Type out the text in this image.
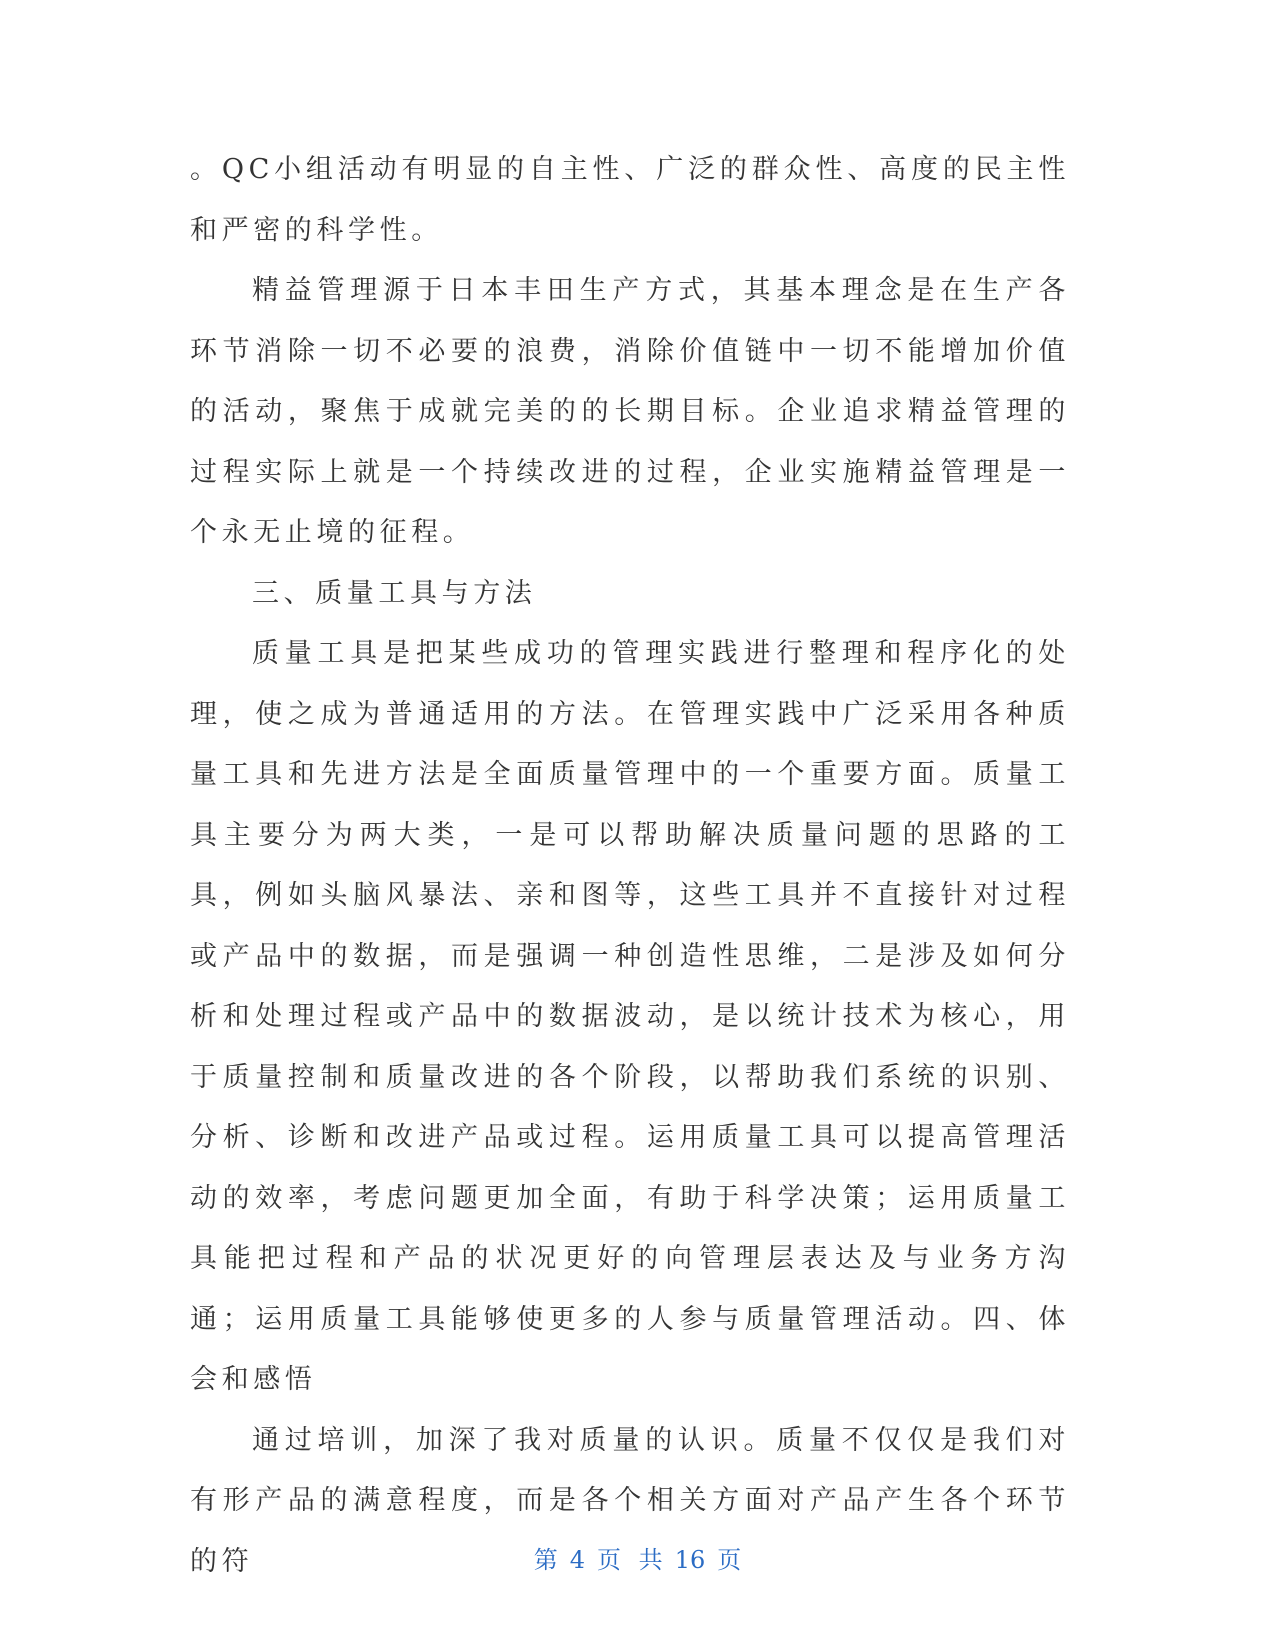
。QC小组活动有明显的自主性、广泛的群众性、高度的民主性和严密的科学性。

精益管理源于日本丰田生产方式，其基本理念是在生产各环节消除一切不必要的浪费，消除价值链中一切不能增加价值的活动，聚焦于成就完美的的长期目标。企业追求精益管理的过程实际上就是一个持续改进的过程，企业实施精益管理是一个永无止境的征程。

三、质量工具与方法

质量工具是把某些成功的管理实践进行整理和程序化的处理，使之成为普通适用的方法。在管理实践中广泛采用各种质量工具和先进方法是全面质量管理中的一个重要方面。质量工具主要分为两大类，一是可以帮助解决质量问题的思路的工具，例如头脑风暴法、亲和图等，这些工具并不直接针对过程或产品中的数据，而是强调一种创造性思维，二是涉及如何分析和处理过程或产品中的数据波动，是以统计技术为核心，用于质量控制和质量改进的各个阶段，以帮助我们系统的识别、分析、诊断和改进产品或过程。运用质量工具可以提高管理活动的效率，考虑问题更加全面，有助于科学决策；运用质量工具能把过程和产品的状况更好的向管理层表达及与业务方沟通；运用质量工具能够使更多的人参与质量管理活动。四、体会和感悟

通过培训，加深了我对质量的认识。质量不仅仅是我们对有形产品的满意程度，而是各个相关方面对产品产生各个环节的符	第 4 页 共 16 页
